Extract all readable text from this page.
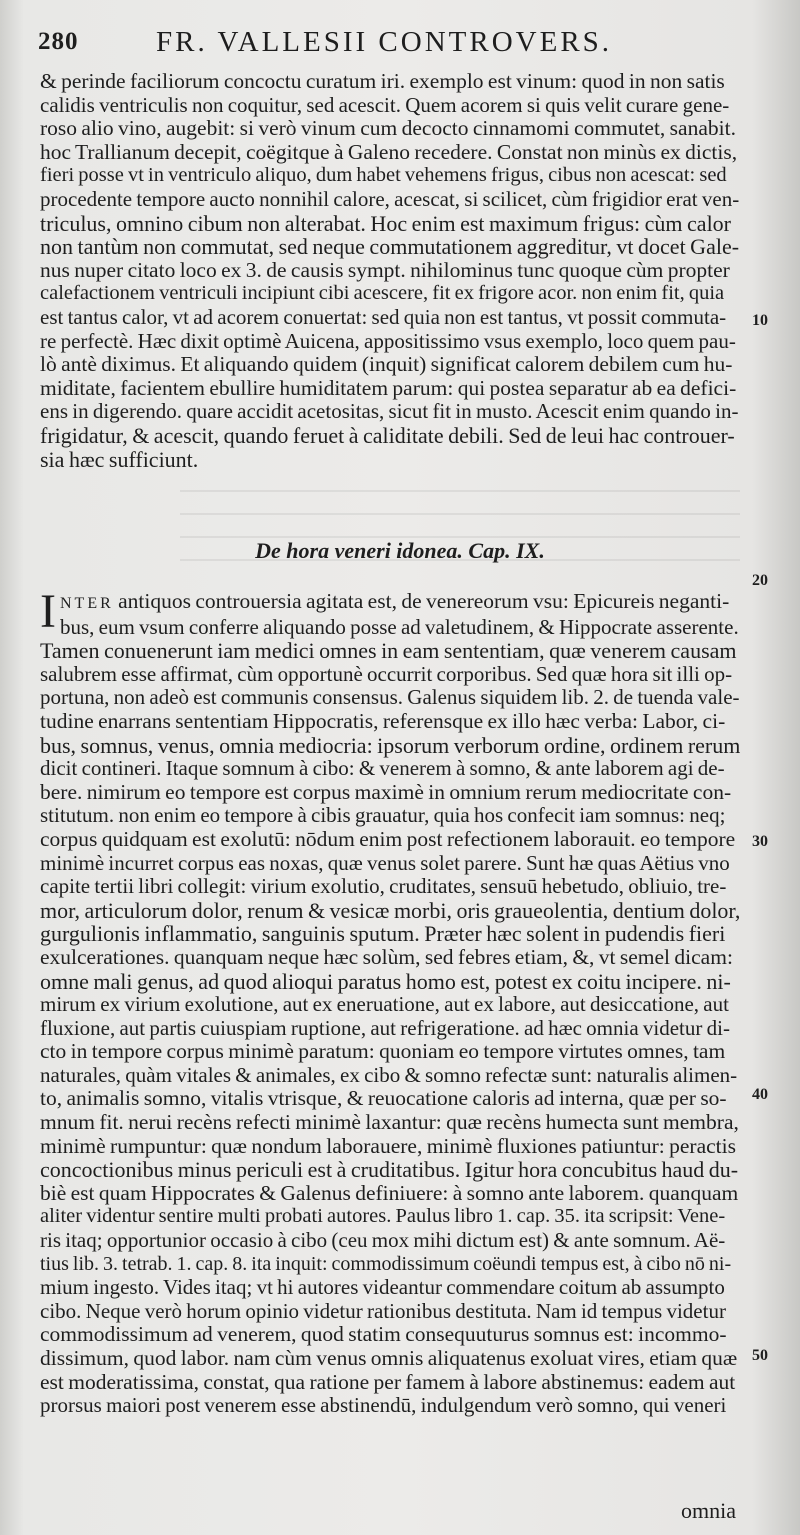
280	FR. VALLESII CONTROVERS.
& perinde faciliorum concoctu curatum iri. exemplo est vinum: quod in non satis
calidis ventriculis non coquitur, sed acescit. Quem acorem si quis velit curare gene-
roso alio vino, augebit: si verò vinum cum decocto cinnamomi commutet, sanabit.
hoc Trallianum decepit, coëgitque à Galeno recedere. Constat non minùs ex dictis,
fieri posse vt in ventriculo aliquo, dum habet vehemens frigus, cibus non acescat: sed
procedente tempore aucto nonnihil calore, acescat, si scilicet, cùm frigidior erat ven-
triculus, omnino cibum non alterabat. Hoc enim est maximum frigus: cùm calor
non tantùm non commutat, sed neque commutationem aggreditur, vt docet Gale-
nus nuper citato loco ex 3. de causis sympt. nihilominus tunc quoque cùm propter
calefactionem ventriculi incipiunt cibi acescere, fit ex frigore acor. non enim fit, quia
est tantus calor, vt ad acorem conuertat: sed quia non est tantus, vt possit commuta-
re perfectè. Hæc dixit optimè Auicena, appositissimo vsus exemplo, loco quem pau-
lò antè diximus. Et aliquando quidem (inquit) significat calorem debilem cum hu-
miditate, facientem ebullire humiditatem parum: qui postea separatur ab ea defici-
ens in digerendo. quare accidit acetositas, sicut fit in musto. Acescit enim quando in-
frigidatur, & acescit, quando feruet à caliditate debili. Sed de leui hac controuer-
sia hæc sufficiunt.
De hora veneri idonea. Cap. IX.
I NTER antiquos controuersia agitata est, de venereorum vsu: Epicureis neganti-
bus, eum vsum conferre aliquando posse ad valetudinem, & Hippocrate asserente.
Tamen conuenerunt iam medici omnes in eam sententiam, quæ venerem causam
salubrem esse affirmat, cùm opportunè occurrit corporibus. Sed quæ hora sit illi op-
portuna, non adeò est communis consensus. Galenus siquidem lib. 2. de tuenda vale-
tudine enarrans sententiam Hippocratis, referensque ex illo hæc verba: Labor, ci-
bus, somnus, venus, omnia mediocria: ipsorum verborum ordine, ordinem rerum
dicit contineri. Itaque somnum à cibo: & venerem à somno, & ante laborem agi de-
bere. nimirum eo tempore est corpus maximè in omnium rerum mediocritate con-
stitutum. non enim eo tempore à cibis grauatur, quia hos confecit iam somnus: neq;
corpus quidquam est exolutū: nōdum enim post refectionem laborauit. eo tempore
minimè incurret corpus eas noxas, quæ venus solet parere. Sunt hæ quas Aëtius vno
capite tertii libri collegit: virium exolutio, cruditates, sensuū hebetudo, obliuio, tre-
mor, articulorum dolor, renum & vesicæ morbi, oris graueolentia, dentium dolor,
gurgulionis inflammatio, sanguinis sputum. Præter hæc solent in pudendis fieri
exulcerationes. quanquam neque hæc solùm, sed febres etiam, &, vt semel dicam:
omne mali genus, ad quod alioqui paratus homo est, potest ex coitu incipere. ni-
mirum ex virium exolutione, aut ex eneruatione, aut ex labore, aut desiccatione, aut
fluxione, aut partis cuiuspiam ruptione, aut refrigeratione. ad hæc omnia videtur di-
cto in tempore corpus minimè paratum: quoniam eo tempore virtutes omnes, tam
naturales, quàm vitales & animales, ex cibo & somno refectæ sunt: naturalis alimen-
to, animalis somno, vitalis vtrisque, & reuocatione caloris ad interna, quæ per so-
mnum fit. nerui recèns refecti minimè laxantur: quæ recèns humecta sunt membra,
minimè rumpuntur: quæ nondum laborauere, minimè fluxiones patiuntur: peractis
concoctionibus minus periculi est à cruditatibus. Igitur hora concubitus haud du-
biè est quam Hippocrates & Galenus definiuere: à somno ante laborem. quanquam
aliter videntur sentire multi probati autores. Paulus libro 1. cap. 35. ita scripsit: Vene-
ris itaq; opportunior occasio à cibo (ceu mox mihi dictum est) & ante somnum. Aë-
tius lib. 3. tetrab. 1. cap. 8. ita inquit: commodissimum coëundi tempus est, à cibo nō ni-
mium ingesto. Vides itaq; vt hi autores videantur commendare coitum ab assumpto
cibo. Neque verò horum opinio videtur rationibus destituta. Nam id tempus videtur
commodissimum ad venerem, quod statim consequuturus somnus est: incommo-
dissimum, quod labor. nam cùm venus omnis aliquatenus exoluat vires, etiam quæ
est moderatissima, constat, qua ratione per famem à labore abstinemus: eadem aut
prorsus maiori post venerem esse abstinendū, indulgendum verò somno, qui veneri
10
20
30
40
50
omnia
